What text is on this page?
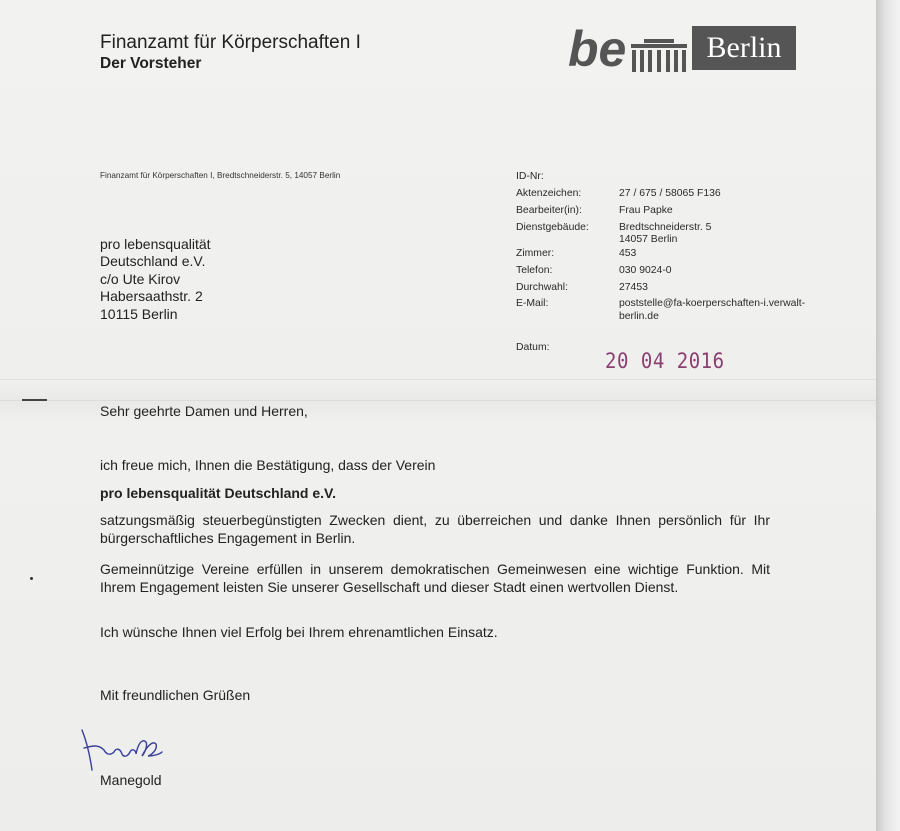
Finanzamt für Körperschaften I
Der Vorsteher	be	Berlin
Finanzamt für Körperschaften I, Bredtschneiderstr. 5, 14057 Berlin
pro lebensqualität
Deutschland e.V.
c/o Ute Kirov
Habersaathstr. 2
10115 Berlin
ID-Nr:
Aktenzeichen:	27 / 675 / 58065 F136
Bearbeiter(in):	Frau Papke
Dienstgebäude:	Bredtschneiderstr. 5
14057 Berlin
Zimmer:	453
Telefon:	030 9024-0
Durchwahl:	27453
E-Mail:	poststelle@fa-koerperschaften-i.verwalt-
berlin.de
Datum:
20 04 2016
Sehr geehrte Damen und Herren,
ich freue mich, Ihnen die Bestätigung, dass der Verein
pro lebensqualität Deutschland e.V.
satzungsmäßig steuerbegünstigten Zwecken dient, zu überreichen und danke Ihnen persönlich für Ihr bürgerschaftliches Engagement in Berlin.
Gemeinnützige Vereine erfüllen in unserem demokratischen Gemeinwesen eine wichtige Funktion. Mit Ihrem Engagement leisten Sie unserer Gesellschaft und dieser Stadt einen wertvollen Dienst.
Ich wünsche Ihnen viel Erfolg bei Ihrem ehrenamtlichen Einsatz.
Mit freundlichen Grüßen
Manegold
